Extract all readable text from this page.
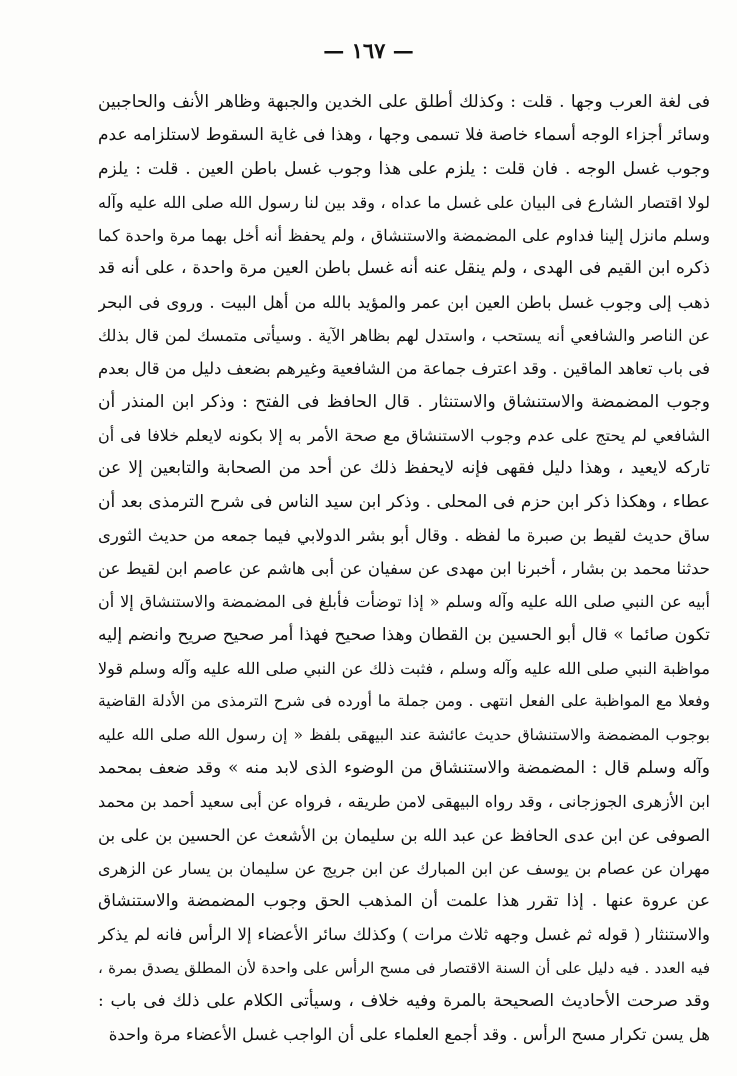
— ١٦٧ —
فى لغة العرب وجها . قلت : وكذلك أطلق على الخدين والجبهة وظاهر الأنف والحاجبين
وسائر أجزاء الوجه أسماء خاصة فلا تسمى وجها ، وهذا فى غاية السقوط لاستلزامه عدم
وجوب غسل الوجه . فان قلت : يلزم على هذا وجوب غسل باطن العين . قلت : يلزم
لولا اقتصار الشارع فى البيان على غسل ما عداه ، وقد بين لنا رسول الله صلى الله عليه وآله
وسلم مانزل إلينا فداوم على المضمضة والاستنشاق ، ولم يحفظ أنه أخل بهما مرة واحدة كما
ذكره ابن القيم فى الهدى ، ولم ينقل عنه أنه غسل باطن العين مرة واحدة ، على أنه قد
ذهب إلى وجوب غسل باطن العين ابن عمر والمؤيد بالله من أهل البيت . وروى فى البحر
عن الناصر والشافعي أنه يستحب ، واستدل لهم بظاهر الآية . وسيأتى متمسك لمن قال بذلك
فى باب تعاهد الماقين . وقد اعترف جماعة من الشافعية وغيرهم بضعف دليل من قال بعدم
وجوب المضمضة والاستنشاق والاستنثار . قال الحافظ فى الفتح : وذكر ابن المنذر أن
الشافعي لم يحتج على عدم وجوب الاستنشاق مع صحة الأمر به إلا بكونه لايعلم خلافا فى أن
تاركه لايعيد ، وهذا دليل فقهى فإنه لايحفظ ذلك عن أحد من الصحابة والتابعين إلا عن
عطاء ، وهكذا ذكر ابن حزم فى المحلى . وذكر ابن سيد الناس فى شرح الترمذى بعد أن
ساق حديث لقيط بن صبرة ما لفظه . وقال أبو بشر الدولابي فيما جمعه من حديث الثورى
حدثنا محمد بن بشار ، أخبرنا ابن مهدى عن سفيان عن أبى هاشم عن عاصم ابن لقيط عن
أبيه عن النبي صلى الله عليه وآله وسلم « إذا توضأت فأبلغ فى المضمضة والاستنشاق إلا أن
تكون صائما » قال أبو الحسين بن القطان وهذا صحيح فهذا أمر صحيح صريح وانضم إليه
مواظبة النبي صلى الله عليه وآله وسلم ، فثبت ذلك عن النبي صلى الله عليه وآله وسلم قولا
وفعلا مع المواظبة على الفعل انتهى . ومن جملة ما أورده فى شرح الترمذى من الأدلة القاضية
بوجوب المضمضة والاستنشاق حديث عائشة عند البيهقى بلفظ « إن رسول الله صلى الله عليه
وآله وسلم قال : المضمضة والاستنشاق من الوضوء الذى لابد منه » وقد ضعف بمحمد
ابن الأزهرى الجوزجانى ، وقد رواه البيهقى لامن طريقه ، فرواه عن أبى سعيد أحمد بن محمد
الصوفى عن ابن عدى الحافظ عن عبد الله بن سليمان بن الأشعث عن الحسين بن على بن
مهران عن عصام بن يوسف عن ابن المبارك عن ابن جريج عن سليمان بن يسار عن الزهرى
عن عروة عنها . إذا تقرر هذا علمت أن المذهب الحق وجوب المضمضة والاستنشاق
والاستنثار ( قوله ثم غسل وجهه ثلاث مرات ) وكذلك سائر الأعضاء إلا الرأس فانه لم يذكر
فيه العدد . فيه دليل على أن السنة الاقتصار فى مسح الرأس على واحدة لأن المطلق يصدق بمرة ،
وقد صرحت الأحاديث الصحيحة بالمرة وفيه خلاف ، وسيأتى الكلام على ذلك فى باب :
هل يسن تكرار مسح الرأس . وقد أجمع العلماء على أن الواجب غسل الأعضاء مرة واحدة
